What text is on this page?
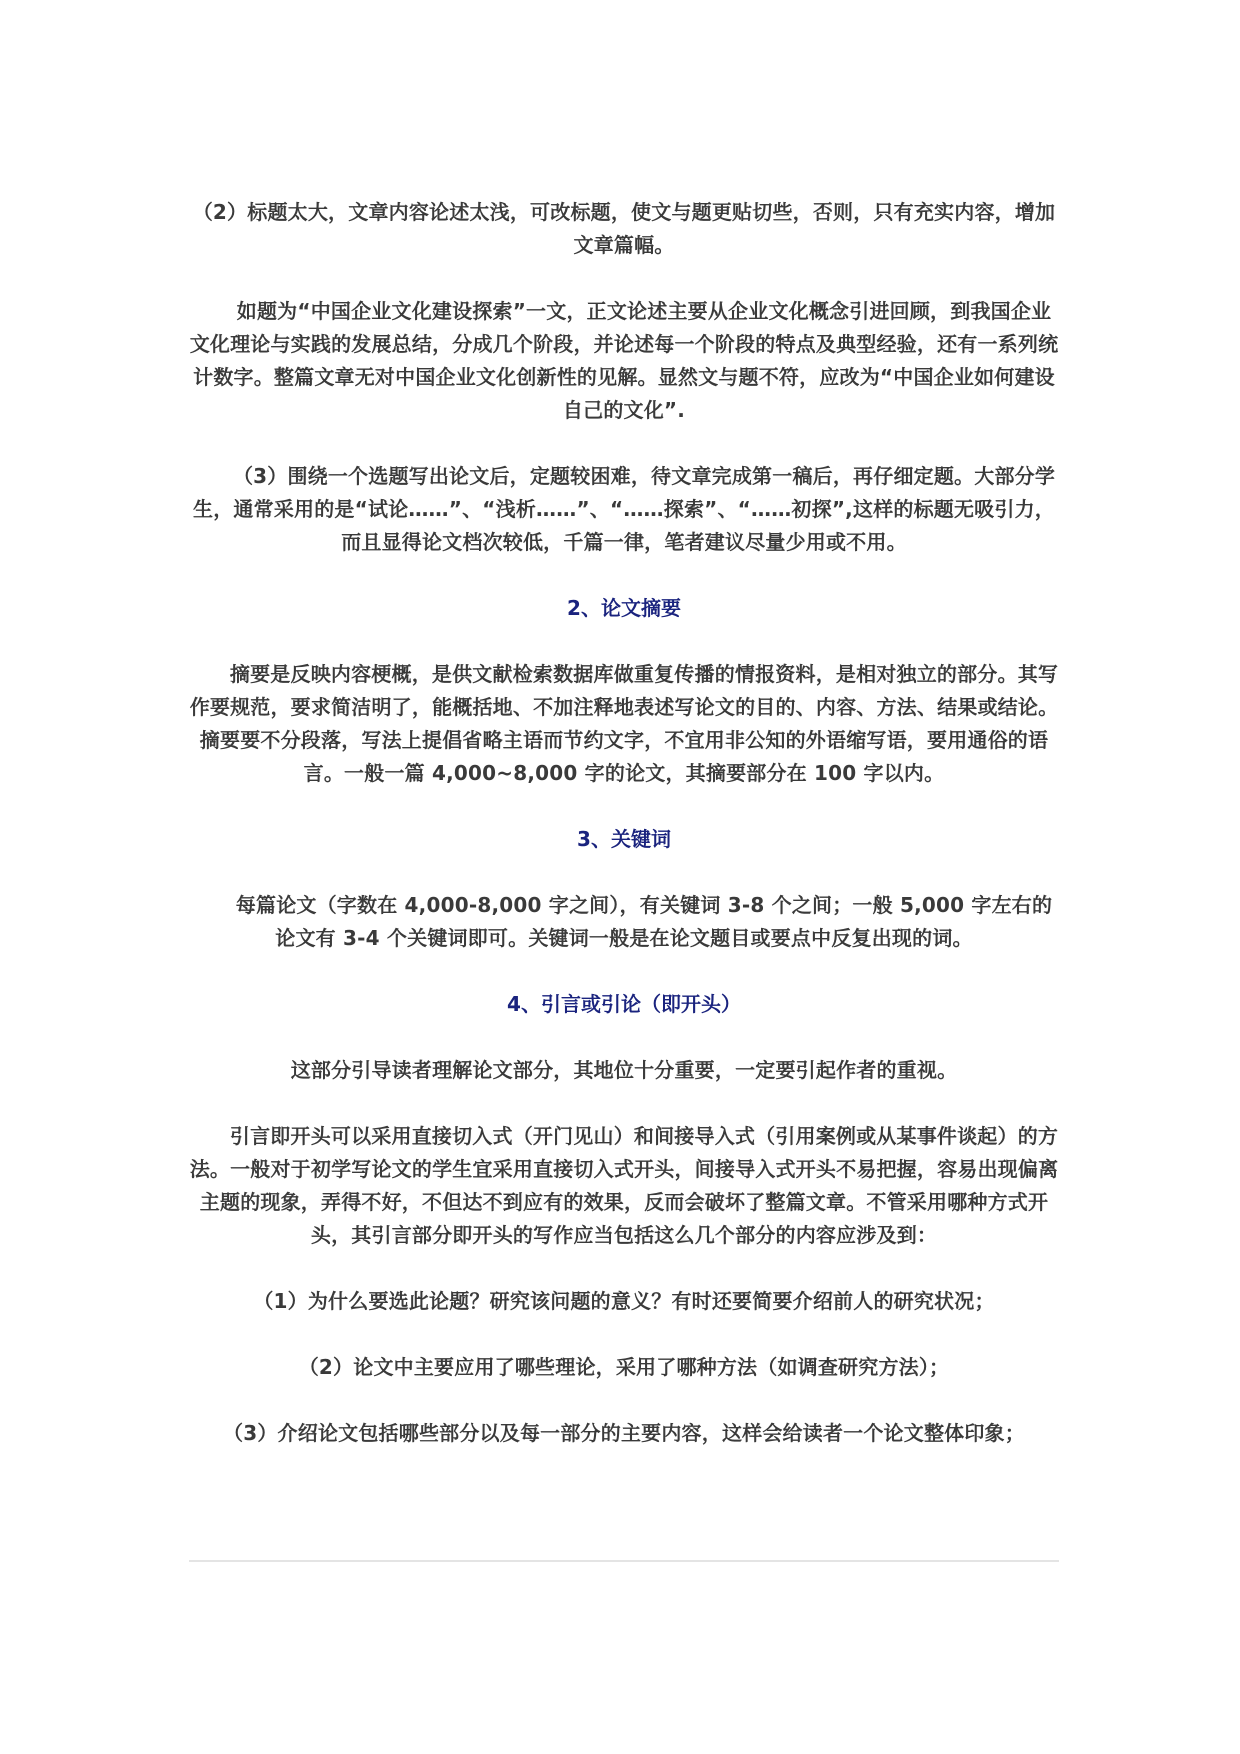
（2）标题太大，文章内容论述太浅，可改标题，使文与题更贴切些，否则，只有充实内容，增加文章篇幅。

如题为“中国企业文化建设探索”一文，正文论述主要从企业文化概念引进回顾，到我国企业文化理论与实践的发展总结，分成几个阶段，并论述每一个阶段的特点及典型经验，还有一系列统计数字。整篇文章无对中国企业文化创新性的见解。显然文与题不符，应改为“中国企业如何建设自己的文化”.

（3）围绕一个选题写出论文后，定题较困难，待文章完成第一稿后，再仔细定题。大部分学生，通常采用的是“试论……”、“浅析……”、“……探索”、“……初探”,这样的标题无吸引力，而且显得论文档次较低，千篇一律，笔者建议尽量少用或不用。

2、论文摘要

摘要是反映内容梗概，是供文献检索数据库做重复传播的情报资料，是相对独立的部分。其写作要规范，要求简洁明了，能概括地、不加注释地表述写论文的目的、内容、方法、结果或结论。摘要要不分段落，写法上提倡省略主语而节约文字，不宜用非公知的外语缩写语，要用通俗的语言。一般一篇 4,000~8,000 字的论文，其摘要部分在 100 字以内。

3、关键词

每篇论文（字数在 4,000-8,000 字之间），有关键词 3-8 个之间；一般 5,000 字左右的论文有 3-4 个关键词即可。关键词一般是在论文题目或要点中反复出现的词。

4、引言或引论（即开头）

这部分引导读者理解论文部分，其地位十分重要，一定要引起作者的重视。

引言即开头可以采用直接切入式（开门见山）和间接导入式（引用案例或从某事件谈起）的方法。一般对于初学写论文的学生宜采用直接切入式开头，间接导入式开头不易把握，容易出现偏离主题的现象，弄得不好，不但达不到应有的效果，反而会破坏了整篇文章。不管采用哪种方式开头，其引言部分即开头的写作应当包括这么几个部分的内容应涉及到：

（1）为什么要选此论题？研究该问题的意义？有时还要简要介绍前人的研究状况；

（2）论文中主要应用了哪些理论，采用了哪种方法（如调查研究方法）；

（3）介绍论文包括哪些部分以及每一部分的主要内容，这样会给读者一个论文整体印象；
